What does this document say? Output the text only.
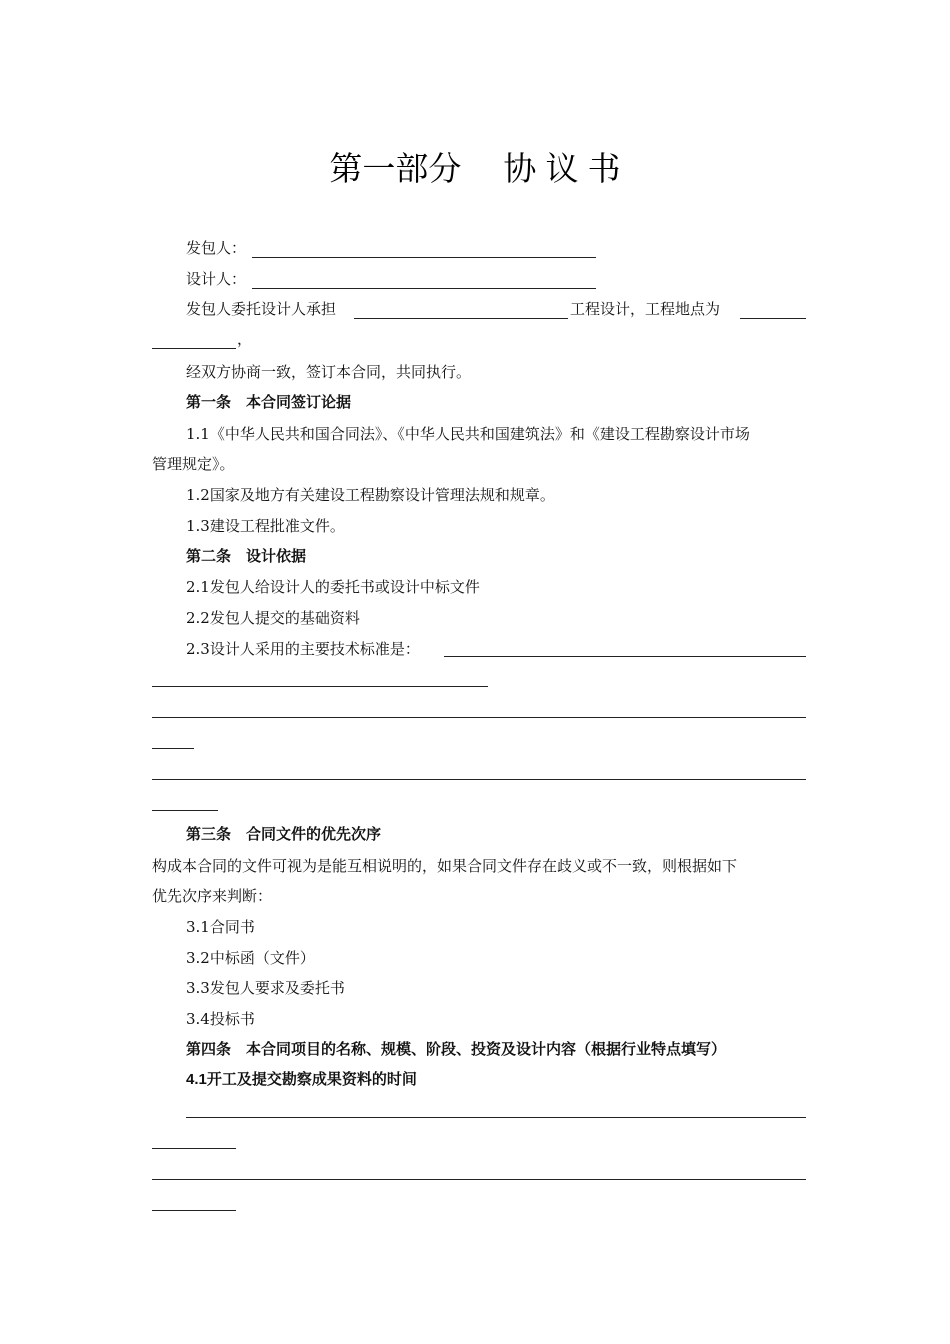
第一部分 协 议 书
发包人：
设计人：
发包人委托设计人承担	工程设计，工程地点为
，
经双方协商一致，签订本合同，共同执行。
第一条　本合同签订论据
1.1《中华人民共和国合同法》、《中华人民共和国建筑法》和《建设工程勘察设计市场
管理规定》。
1.2国家及地方有关建设工程勘察设计管理法规和规章。
1.3建设工程批准文件。
第二条　设计依据
2.1发包人给设计人的委托书或设计中标文件
2.2发包人提交的基础资料
2.3设计人采用的主要技术标准是：
第三条　合同文件的优先次序
构成本合同的文件可视为是能互相说明的，如果合同文件存在歧义或不一致，则根据如下
优先次序来判断：
3.1合同书
3.2中标函（文件）
3.3发包人要求及委托书
3.4投标书
第四条　本合同项目的名称、规模、阶段、投资及设计内容（根据行业特点填写）
4.1开工及提交勘察成果资料的时间
